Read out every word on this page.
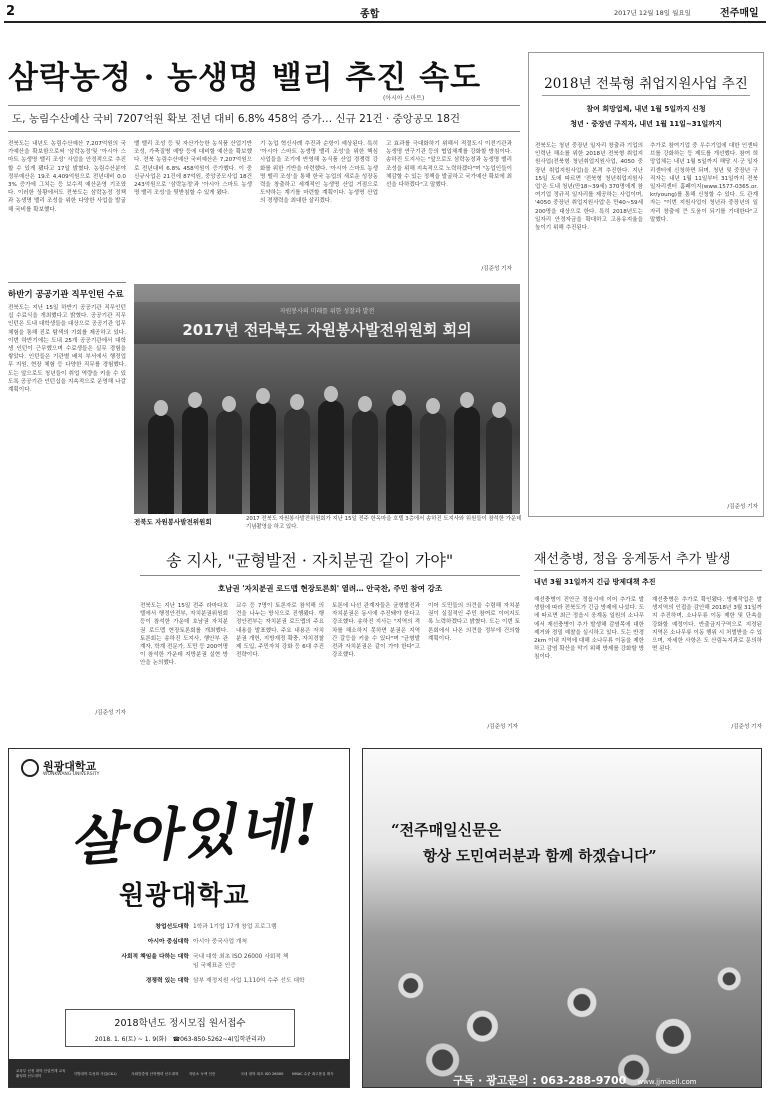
2	종합	2017년 12월 18일 월요일	전주매일
삼락농정 · 농생명 밸리 추진 속도
(아시아 스마트)
도, 농림수산예산 국비 7207억원 확보 전년 대비 6.8% 458억 증가… 신규 21건 · 중앙공모 18건
전북도는 내년도 농림수산예산 7,207억원의 국가예산을 확보함으로써 '삼락농정'및 '아시아 스마트 농생명 밸리 조성' 사업을 안정적으로 추진할 수 있게 됐다고 17일 밝혔다. 농림수산분야 정부예산은 19조 4,409억원으로 전년대비 0.03% 증가에 그치는 등 보수적 예산운영 기조였다. 이러한 상황에서도 전북도는 삼락농정 정책과 농생명 밸리 조성을 위한 다양한 사업을 발굴해 국비를 확보했다.
밸 밸리 조성 등 및 자산가능한 농식품 산업기반 조성, 가축질병 예방 등에 대비할 예산을 확보했다. 전북 농림수산예산 국비예산은 7,207억원으로 전년대비 6.8% 458억원이 증가했다. 이 중 신규사업은 21건에 87억원, 중앙공모사업 18건 243억원으로 '삼락농정'과 '아시아 스마트 농생명 밸리 조성'을 뒷받침할 수 있게 됐다.
기 농업 혁신사례 추진과 순항이 예상된다. 특히 '아시아 스마트 농생명 밸리 조성'을 위한 핵심 사업들을 조기에 반영해 농식품 산업 경쟁력 강화를 위한 기반을 마련했다. '아시아 스마트 농생명 밸리 조성'을 통해 한국 농업의 새로운 성장동력을 창출하고 세계적인 농생명 산업 거점으로 도약하는 계기를 마련할 계획이다. 농생명 산업의 경쟁력을 최대한 살리겠다.
고 효과를 극대화하기 위해서 적절도시 이전기관과 농생명 연구기관 등의 협업체계를 강화할 방침이다. 송하진 도지사는 "앞으로도 삼락농정과 농생명 밸리 조성을 위해 지속적으로 노력하겠다"며 "농업인들이 체감할 수 있는 정책을 발굴하고 국가예산 확보에 최선을 다하겠다"고 말했다.
/김준성 기자
2018년 전북형 취업지원사업 추진
참여 희망업체, 내년 1월 5일까지 신청
청년 · 중장년 구직자, 내년 1월 11일~31일까지
전북도는 청년 중장년 일자리 창출과 기업의 인력난 해소를 위한 2018년 전북형 취업지원사업(전북형 청년취업지원사업, 4050 중장년 취업지원사업)을 본격 추진한다. 지난 15일 도에 따르면 '전북형 청년취업지원사업'은 도내 청년(만18~39세) 370명에게 참여기업 정규직 일자리를 제공하는 사업이며, '4050 중장년 취업지원사업'은 만40~59세 200명을 대상으로 한다. 특히 2018년도는 일자리 안정자금을 확대하고 고용유지율을 높이기 위해 추진된다.
추가로 참여기업 중 우수기업에 대한 인센티브를 강화하는 등 제도를 개선했다. 참여 희망업체는 내년 1월 5일까지 해당 시·군 일자리센터에 신청하면 되며, 청년 및 중장년 구직자는 내년 1월 11일부터 31일까지 전북 일자리센터 홈페이지(www.1577-0365.or.kr/young)를 통해 신청할 수 있다. 도 관계자는 "이번 지원사업이 청년과 중장년의 일자리 창출에 큰 도움이 되기를 기대한다"고 말했다.
/김준성 기자
하반기 공공기관 직무인턴 수료
전북도는 지난 15일 하반기 공공기관 직무인턴십 수료식을 개최했다고 밝혔다. 공공기관 직무인턴은 도내 대학생들을 대상으로 공공기관 업무체험을 통해 진로 탐색의 기회를 제공하고 있다. 이번 하반기에는 도내 25개 공공기관에서 대학생 인턴이 근무했으며 수료생들은 실무 경험을 쌓았다. 인턴들은 기관별 배치 부서에서 행정업무 지원, 현장 체험 등 다양한 직무를 경험했다. 도는 앞으로도 청년들이 취업 역량을 키울 수 있도록 공공기관 인턴십을 지속적으로 운영해 나갈 계획이다.
/김준성 기자
자원봉사의 미래를 위한 성찰과 발전
2017년 전라북도 자원봉사발전위원회 회의
전북도 자원봉사발전위원회	2017 전북도 자원봉사발전위원회가 지난 15일 전주 한옥마을 호텔 3층에서 송하진 도지사와 위원들이 참석한 가운데 기념촬영을 하고 있다.
송 지사, "균형발전 · 자치분권 같이 가야"
호남권 '자치분권 로드맵 현장토론회' 열려… 안국찬, 주민 참여 강조
전북도는 지난 15일 전주 라마다호텔에서 행정안전부, 자치분권위원회 등이 참석한 가운데 호남권 자치분권 로드맵 현장토론회를 개최했다. 토론회는 송하진 도지사, 행안부 관계자, 학계 전문가, 도민 등 200여명이 참석한 가운데 지방분권 실현 방안을 논의했다.
교수 등 7명이 토론자로 참석해 의견을 나누는 방식으로 진행됐다. 행정안전부는 자치분권 로드맵의 주요 내용을 발표했다. 주요 내용은 자치분권 개헌, 지방재정 확충, 자치경찰제 도입, 주민자치 강화 등 6대 추진전략이다.
토론에 나선 관계자들은 균형발전과 자치분권은 동시에 추진돼야 한다고 강조했다. 송하진 지사는 "지역의 격차를 해소하지 못하면 분권은 지역 간 갈등을 키울 수 있다"며 "균형발전과 자치분권은 같이 가야 한다"고 강조했다.
이어 도민들의 의견을 수렴해 자치분권이 실질적인 주민 참여로 이어지도록 노력하겠다고 밝혔다. 도는 이번 토론회에서 나온 의견을 정부에 건의할 계획이다.
/김준성 기자
재선충병, 정읍 웅계동서 추가 발생
내년 3월 31일까지 긴급 방제대책 추진
재선충병이 진안군 정읍시에 이어 추가로 발생함에 따라 전북도가 긴급 방제에 나섰다. 도에 따르면 최근 정읍시 웅계동 일원의 소나무에서 재선충병이 추가 발생해 감염목에 대한 제거와 정밀 예찰을 실시하고 있다. 도는 반경 2km 이내 지역에 대해 소나무류 이동을 제한하고 감염 확산을 막기 위해 방제를 강화할 방침이다.
재선충병은 추가로 확인됐다. 방제작업은 발생지역의 인접을 감안해 2018년 3월 31일까지 추진하며, 소나무류 이동 제한 및 단속을 강화할 예정이다. 반출금지구역으로 지정된 지역은 소나무류 이동 행위 시 처벌받을 수 있으며, 자세한 사항은 도 산림녹지과로 문의하면 된다.
/김준성 기자
원광대학교
WONKWANG UNIVERSITY
살아있네!
원광대학교
창업선도대학 1학과 1기업 17개 창업 프로그램
아시아 중심대학 아시아 중국사업 개척
사회적 책임을 다하는 대학 국내 대학 최초 ISO 26000 사회적 책임 국제표준 인증
경쟁력 있는 대학 삼부 재정지원 사업 1,110억 수주 선도 대학
2018학년도 정시모집 원서접수
2018. 1. 6(토) ~ 1. 9(화) ☎063-850-5262~4(입학관리과)
교육부 선정 대학 산업연계 교육활성화 선도대학
지방대학 특성화 사업(CK-I)	사회맞춤형 산학협력 선도대학	저탄소 녹색 인증	국내 대학 최초 ISO 26000	KMAC 수준 최고품질 획득
“전주매일신문은
항상 도민여러분과 함께 하겠습니다”
구독 · 광고문의 : 063-288-9700 www.jjmaeil.com
